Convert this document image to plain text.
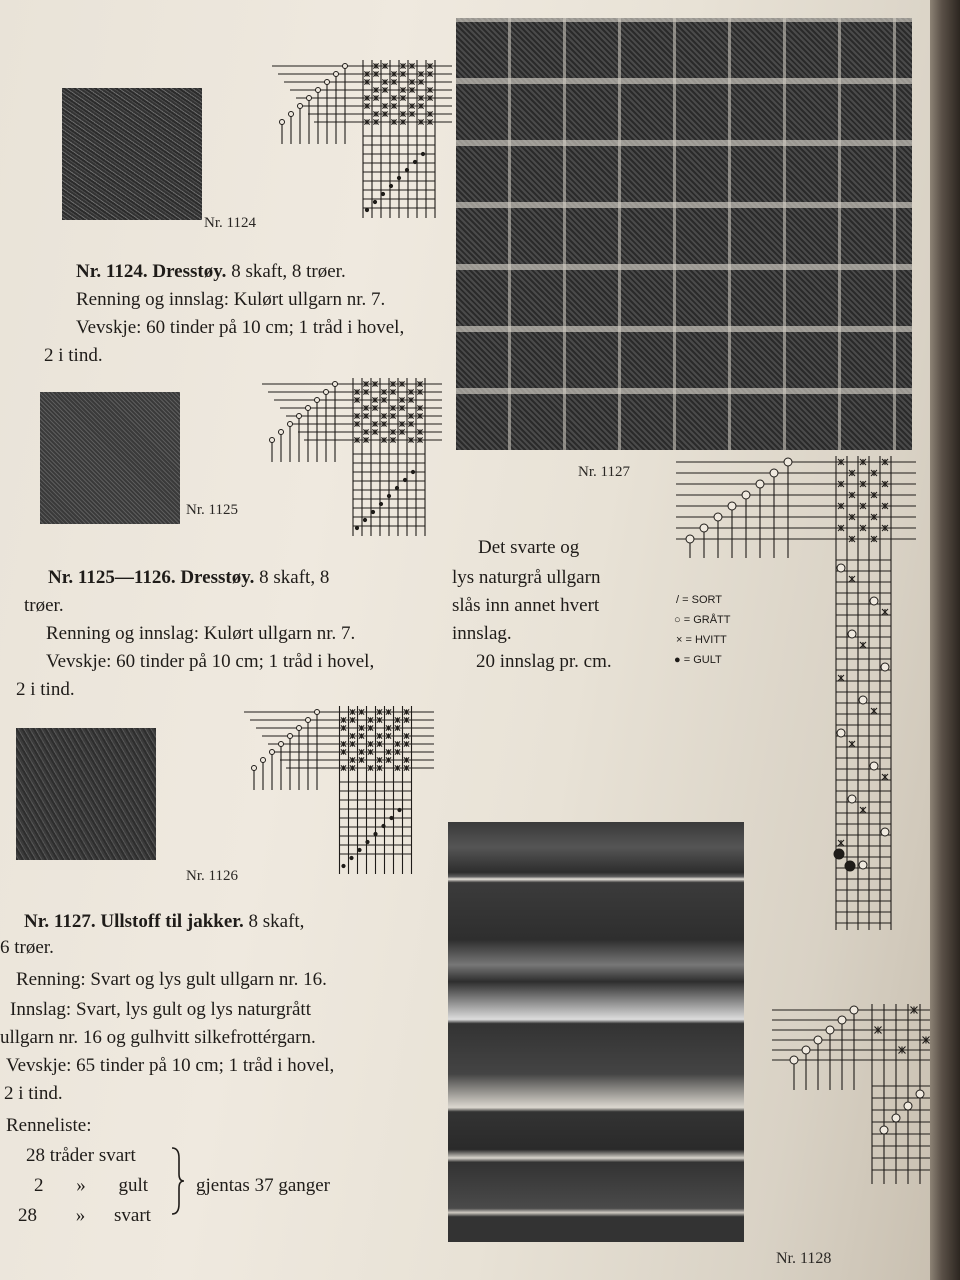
Nr. 1124
Nr. 1124. Dresstøy. 8 skaft, 8 trøer.
Renning og innslag: Kulørt ullgarn nr. 7.
Vevskje: 60 tinder på 10 cm; 1 tråd i hovel,
2 i tind.
Nr. 1125
Nr. 1125—1126. Dresstøy. 8 skaft, 8
trøer.
Renning og innslag: Kulørt ullgarn nr. 7.
Vevskje: 60 tinder på 10 cm; 1 tråd i hovel,
2 i tind.
Nr. 1126
Nr. 1127. Ullstoff til jakker. 8 skaft,
6 trøer.
Renning: Svart og lys gult ullgarn nr. 16.
Innslag: Svart, lys gult og lys naturgrått
ullgarn nr. 16 og gulhvitt silkefrottérgarn.
Vevskje: 65 tinder på 10 cm; 1 tråd i hovel,
2 i tind.
Renneliste:
28 tråder svart
2 » gult
28 » svart
gjentas 37 ganger
Nr. 1127
Det svarte og
lys naturgrå ullgarn
slås inn annet hvert
innslag.
20 innslag pr. cm.
/ = SORT
○ = GRÅTT
× = HVITT
● = GULT
Nr. 1128
